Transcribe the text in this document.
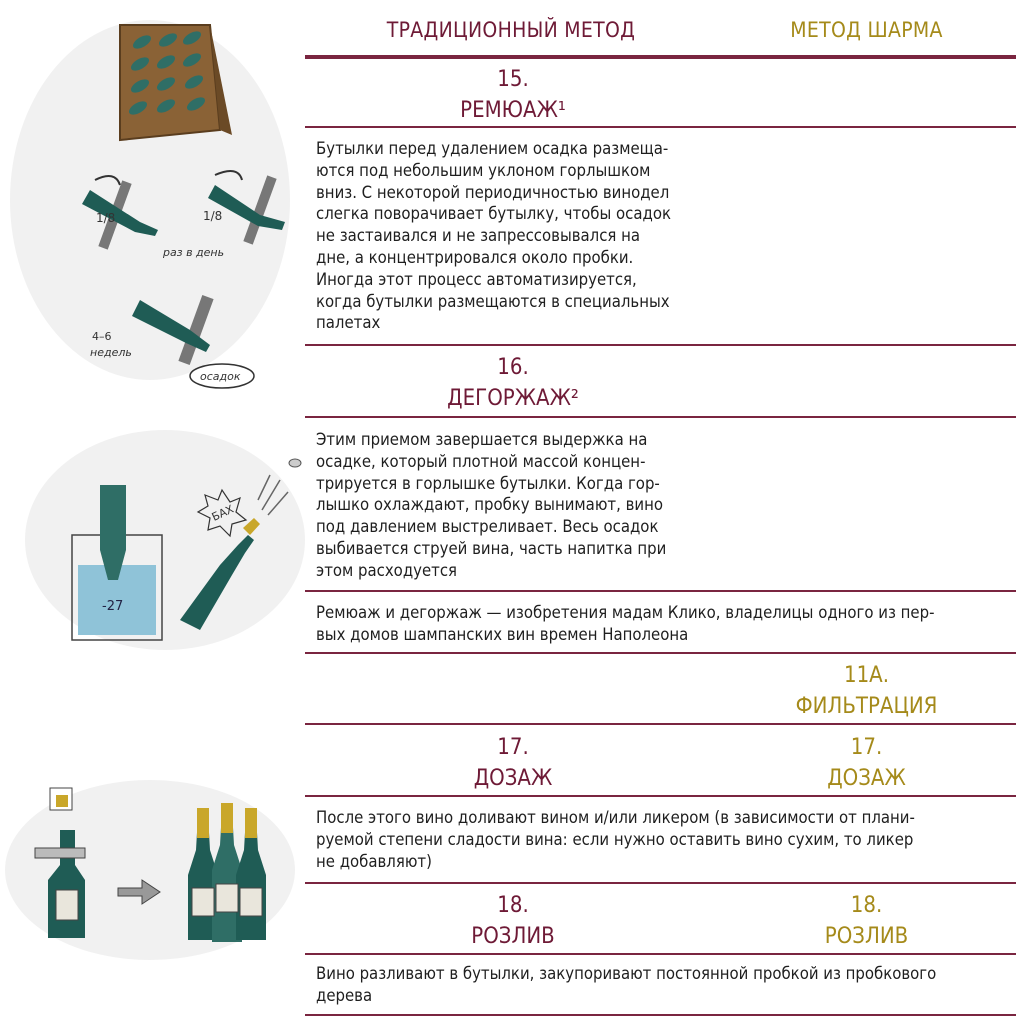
ТРАДИЦИОННЫЙ МЕТОД	МЕТОД ШАРМА
15.
РЕМЮАЖ¹
Бутылки перед удалением осадка размеща-
ются под небольшим уклоном горлышком
вниз. С некоторой периодичностью винодел
слегка поворачивает бутылку, чтобы осадок
не застаивался и не запрессовывался на
дне, а концентрировался около пробки.
Иногда этот процесс автоматизируется,
когда бутылки размещаются в специальных
палетах
16.
ДЕГОРЖАЖ²
Этим приемом завершается выдержка на
осадке, который плотной массой концен-
трируется в горлышке бутылки. Когда гор-
лышко охлаждают, пробку вынимают, вино
под давлением выстреливает. Весь осадок
выбивается струей вина, часть напитка при
этом расходуется
Ремюаж и дегоржаж — изобретения мадам Клико, владелицы одного из пер-
вых домов шампанских вин времен Наполеона
11А.
ФИЛЬТРАЦИЯ
17.
ДОЗАЖ
17.
ДОЗАЖ
После этого вино доливают вином и/или ликером (в зависимости от плани-
руемой степени сладости вина: если нужно оставить вино сухим, то ликер
не добавляют)
18.
РОЗЛИВ
18.
РОЗЛИВ
Вино разливают в бутылки, закупоривают постоянной пробкой из пробкового
дерева
1/8	1/8
раз в день
4–6
недель
осадок
-27
БАХ
